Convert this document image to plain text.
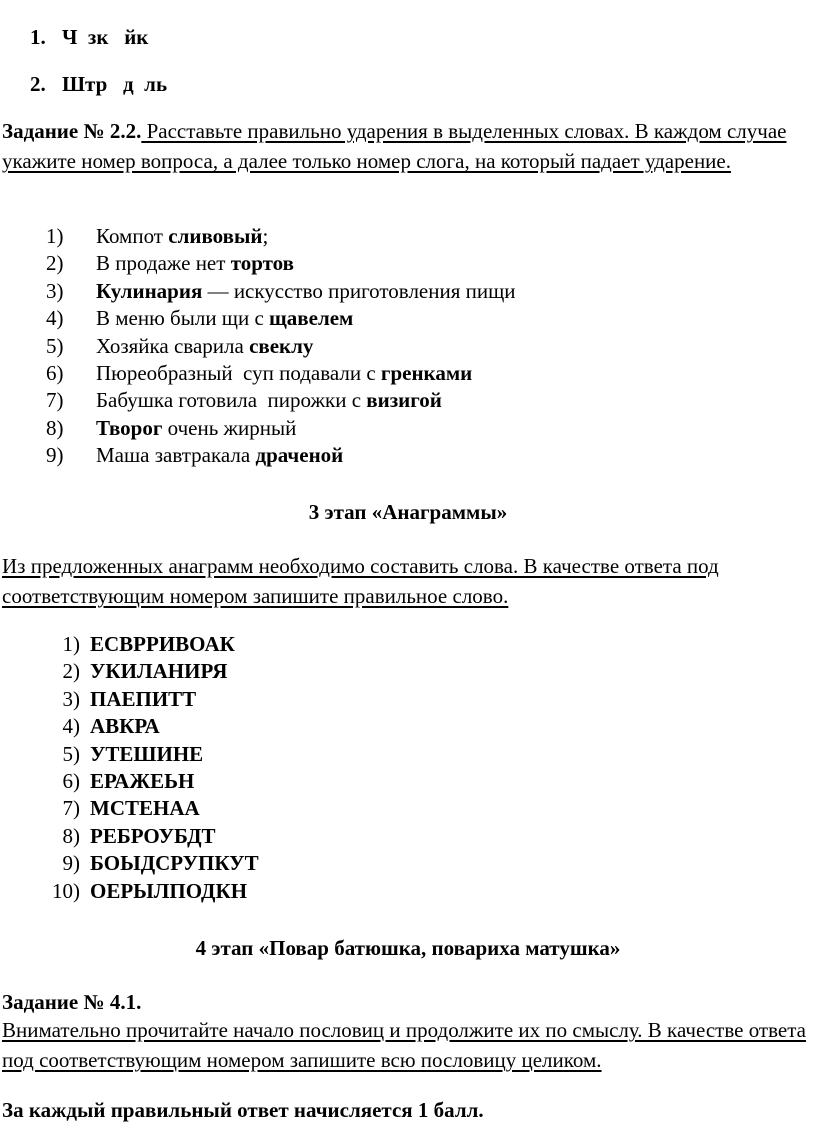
1. Ч  зк   йк
2. Штр   д  ль
Задание № 2.2. Расставьте правильно ударения в выделенных словах. В каждом случае укажите номер вопроса, а далее только номер слога, на который падает ударение.
1) Компот сливовый;
2) В продаже нет тортов
3) Кулинария — искусство приготовления пищи
4) В меню были щи с щавелем
5) Хозяйка сварила свеклу
6) Пюреобразный  суп подавали с гренками
7) Бабушка готовила  пирожки с визигой
8) Творог очень жирный
9) Маша завтракала драченой
3 этап «Анаграммы»
Из предложенных анаграмм необходимо составить слова. В качестве ответа под соответствующим номером запишите правильное слово.
1) ЕСВРРИВОАК
2) УКИЛАНИРЯ
3) ПАЕПИТТ
4) АВКРА
5) УТЕШИНЕ
6) ЕРАЖЕЬН
7) МСТЕНАА
8) РЕБРОУБДТ
9) БОЫДСРУПКУТ
10) ОЕРЫЛПОДКН
4 этап «Повар батюшка, повариха матушка»
Задание № 4.1.
Внимательно прочитайте начало пословиц и продолжите их по смыслу. В качестве ответа под соответствующим номером запишите всю пословицу целиком.
За каждый правильный ответ начисляется 1 балл.
